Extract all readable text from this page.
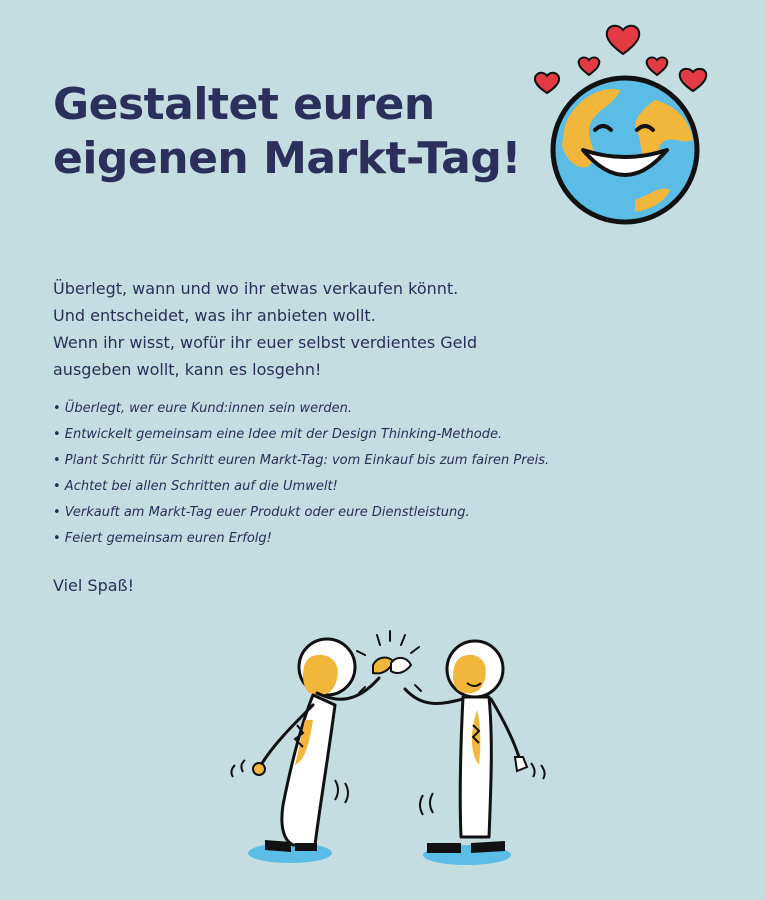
Gestaltet euren
eigenen Markt-Tag!
Überlegt, wann und wo ihr etwas verkaufen könnt.
Und entscheidet, was ihr anbieten wollt.
Wenn ihr wisst, wofür ihr euer selbst verdientes Geld
ausgeben wollt, kann es losgehn!
• Überlegt, wer eure Kund:innen sein werden.
• Entwickelt gemeinsam eine Idee mit der Design Thinking-Methode.
• Plant Schritt für Schritt euren Markt-Tag: vom Einkauf bis zum fairen Preis.
• Achtet bei allen Schritten auf die Umwelt!
• Verkauft am Markt-Tag euer Produkt oder eure Dienstleistung.
• Feiert gemeinsam euren Erfolg!
Viel Spaß!
